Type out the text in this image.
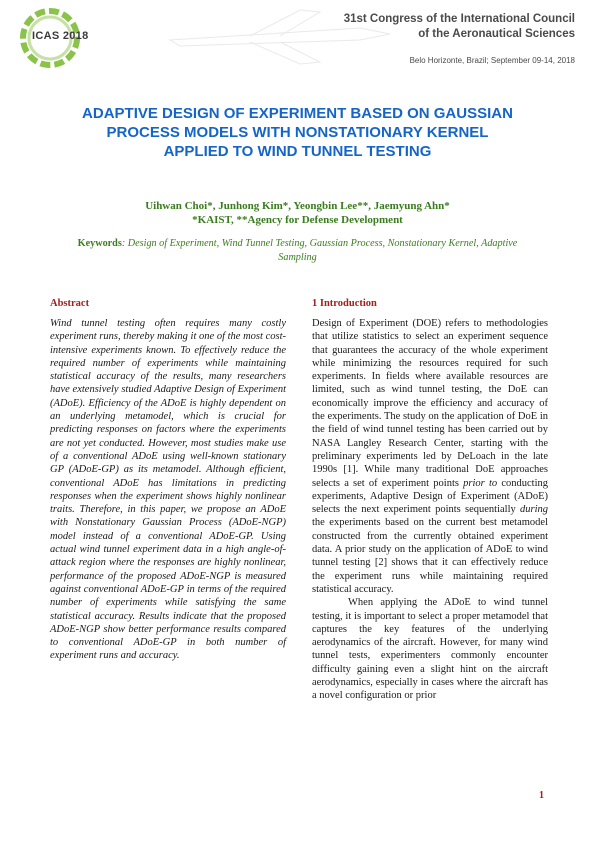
ICAS 2018
31st Congress of the International Council
of the Aeronautical Sciences
Belo Horizonte, Brazil; September 09-14, 2018
ADAPTIVE DESIGN OF EXPERIMENT BASED ON GAUSSIAN PROCESS MODELS WITH NONSTATIONARY KERNEL APPLIED TO WIND TUNNEL TESTING
Uihwan Choi*, Junhong Kim*, Yeongbin Lee**, Jaemyung Ahn*
*KAIST, **Agency for Defense Development
Keywords: Design of Experiment, Wind Tunnel Testing, Gaussian Process, Nonstationary Kernel, Adaptive Sampling
Abstract

Wind tunnel testing often requires many costly experiment runs, thereby making it one of the most cost-intensive experiments known. To effectively reduce the required number of experiments while maintaining statistical accuracy of the results, many researchers have extensively studied Adaptive Design of Experiment (ADoE). Efficiency of the ADoE is highly dependent on an underlying metamodel, which is crucial for predicting responses on factors where the experiments are not yet conducted. However, most studies make use of a conventional ADoE using well-known stationary GP (ADoE-GP) as its metamodel. Although efficient, conventional ADoE has limitations in predicting responses when the experiment shows highly nonlinear traits. Therefore, in this paper, we propose an ADoE with Nonstationary Gaussian Process (ADoE-NGP) model instead of a conventional ADoE-GP. Using actual wind tunnel experiment data in a high angle-of-attack region where the responses are highly nonlinear, performance of the proposed ADoE-NGP is measured against conventional ADoE-GP in terms of the required number of experiments while satisfying the same statistical accuracy. Results indicate that the proposed ADoE-NGP show better performance results compared to conventional ADoE-GP in both number of experiment runs and accuracy.

1 Introduction

Design of Experiment (DOE) refers to methodologies that utilize statistics to select an experiment sequence that guarantees the accuracy of the whole experiment while minimizing the resources required for such experiments. In fields where available resources are limited, such as wind tunnel testing, the DoE can economically improve the efficiency and accuracy of the experiments. The study on the application of DoE in the field of wind tunnel testing has been carried out by NASA Langley Research Center, starting with the preliminary experiments led by DeLoach in the late 1990s [1]. While many traditional DoE approaches selects a set of experiment points prior to conducting experiments, Adaptive Design of Experiment (ADoE) selects the next experiment points sequentially during the experiments based on the current best metamodel constructed from the currently obtained experiment data. A prior study on the application of ADoE to wind tunnel testing [2] shows that it can effectively reduce the experiment runs while maintaining required statistical accuracy.

When applying the ADoE to wind tunnel testing, it is important to select a proper metamodel that captures the key features of the underlying aerodynamics of the aircraft. However, for many wind tunnel tests, experimenters commonly encounter difficulty gaining even a slight hint on the aircraft aerodynamics, especially in cases where the aircraft has a novel configuration or prior

1
